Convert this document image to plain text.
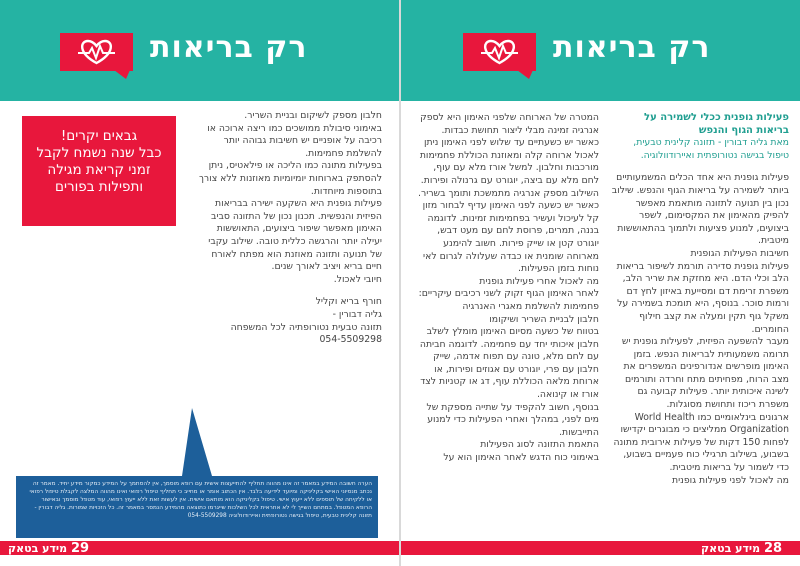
רק בריאות

חלבון מספק לשיקום ובניית השריר.

באימוני סיבולת ממושכים כמו ריצה ארוכה או רכיבה על אופניים יש חשיבות גבוהה יותר להשלמת פחמימות.

בפעילות מתונה כמו הליכה או פילאטיס, ניתן להסתפק בארוחות יומיומיות מאוזנות ללא צורך בתוספות מיוחדות.

פעילות גופנית היא השקעה ישירה בבריאות הפיזית והנפשית. תכנון נכון של התזונה סביב האימון מאפשר שיפור ביצועים, התאוששות יעילה יותר והרגשה כללית טובה. שילוב עקבי של תנועה ותזונה מאוזנת הוא מפתח לאורח חיים בריא ויציב לאורך שנים.

חיובי לאכול.

חורף בריא וקליל

גליה דבורין -

תזונה טבעית נטורופתיה לכל המשפחה

054-5509298

גבאים יקרים!
כבל שנה נשמח לקבל
זמני קריאת מגילה
ותפילות בפורים
הערה חשובה המידע במאמר זה אינו מהווה תחליף להתייעצות אישית עם רופא מוסמך, אין להסתמך על המידע כמקור מידע יחיד. מאמר זה נכתב מנסיוני האישי בקליניקה ומיועד לידיעה בלבד. אין הכתוב אומר או מחייב כי תחליף טיפול רפואי ואינו מהווה המלצה לקבלת טיפול רפואי או ללקיחה של תוספים ללא ייעוץ אישי. טיפול בקליניקה הוא מותאם אישית. אין לעשות זאת ללא ייעוץ רפואי, עוד מטפל מוסמך ובאישור הרופא המטפל. במתחם השייך לי לא אחראית לכל השלכות שייגרמו כתוצאה מהמידע הנמסר במאמר זה. כל הזכויות שמורות. גליה דבורין - תזונה קלינית טבעית, טיפול בגישה נטורופתית ואיירודוולוגיה 054-5509298
29 מידע בטאק
רק בריאות

פעילות גופנית ככלי לשמירה על בריאות הגוף והנפש

מאת גליה דבורין - תזונה קלינית טבעית, טיפול בגישה נטורופתית ואיירודוולוגיה.

פעילות גופנית היא אחד הכלים המשמעותיים ביותר לשמירה על בריאות הגוף והנפש. שילוב נכון בין תנועה לתזונה מותאמת מאפשר להפיק מהאימון את המקסימום, לשפר ביצועים, למנוע פציעות ולתמוך בהתאוששות מיטבית.

חשיבות הפעילות הגופנית

פעילות גופנית סדירה תורמת לשיפור בריאות הלב וכלי הדם. היא מחזקת את שריר הלב, משפרת זרימת דם ומסייעת באיזון לחץ דם ורמות סוכר. בנוסף, היא תומכת בשמירה על משקל גוף תקין ומעלה את קצב חילוף החומרים.

מעבר להשפעה הפיזית, לפעילות גופנית יש תרומה משמעותית לבריאות הנפש. בזמן האימון מופרשים אנדורפינים המשפרים את מצב הרוח, מפחיתים מתח וחרדה ותורמים לשינה איכותית יותר. פעילות קבועה גם משפרת ריכוז ותחושת מסוגלות.

ארגונים בינלאומיים כמו World Health Organization ממליצים כי מבוגרים יקדישו לפחות 150 דקות של פעילות אירובית מתונה בשבוע, בשילוב תרגילי כוח פעמיים בשבוע, כדי לשמור על בריאות מיטבית.

מה לאכול לפני פעילות גופנית

המטרה של הארוחה שלפני האימון היא לספק אנרגיה זמינה מבלי ליצור תחושת כבדות.

כאשר יש כשעתיים עד שלוש לפני האימון ניתן לאכול ארוחה קלה ומאוזנת הכוללת פחמימות מורכבות וחלבון. למשל אורז מלא עם עוף, לחם מלא עם ביצה, יוגורט עם גרנולה ופירות. השילוב מספק אנרגיה מתמשכת ותומך בשריר.

כאשר יש כשעה לפני האימון עדיף לבחור מזון קל לעיכול ועשיר בפחמימות זמינות. לדוגמה בננה, תמרים, פרוסת לחם עם מעט דבש, יוגורט קטן או שייק פירות. חשוב להימנע מארוחה שומנית או כבדה שעלולה לגרום לאי נוחות בזמן הפעילות.

מה לאכול אחרי פעילות גופנית

לאחר האימון הגוף זקוק לשני רכיבים עיקריים:

פחמימות להשלמת מאגרי האנרגיה

חלבון לבניית השריר ושיקומו

בטווח של כשעה מסיום האימון מומלץ לשלב חלבון איכותי יחד עם פחמימה. לדוגמה חביתה עם לחם מלא, טונה עם תפוח אדמה, שייק חלבון עם פרי, יוגורט עם אגוזים ופירות, או ארוחת מלאה הכוללת עוף, דג או קטניות לצד אורז או קינואה.

בנוסף, חשוב להקפיד על שתייה מספקת של מים לפני, במהלך ואחרי הפעילות כדי למנוע התייבשות.

התאמת התזונה לסוג הפעילות

באימוני כוח הדגש לאחר האימון הוא על

28 מידע בטאק
